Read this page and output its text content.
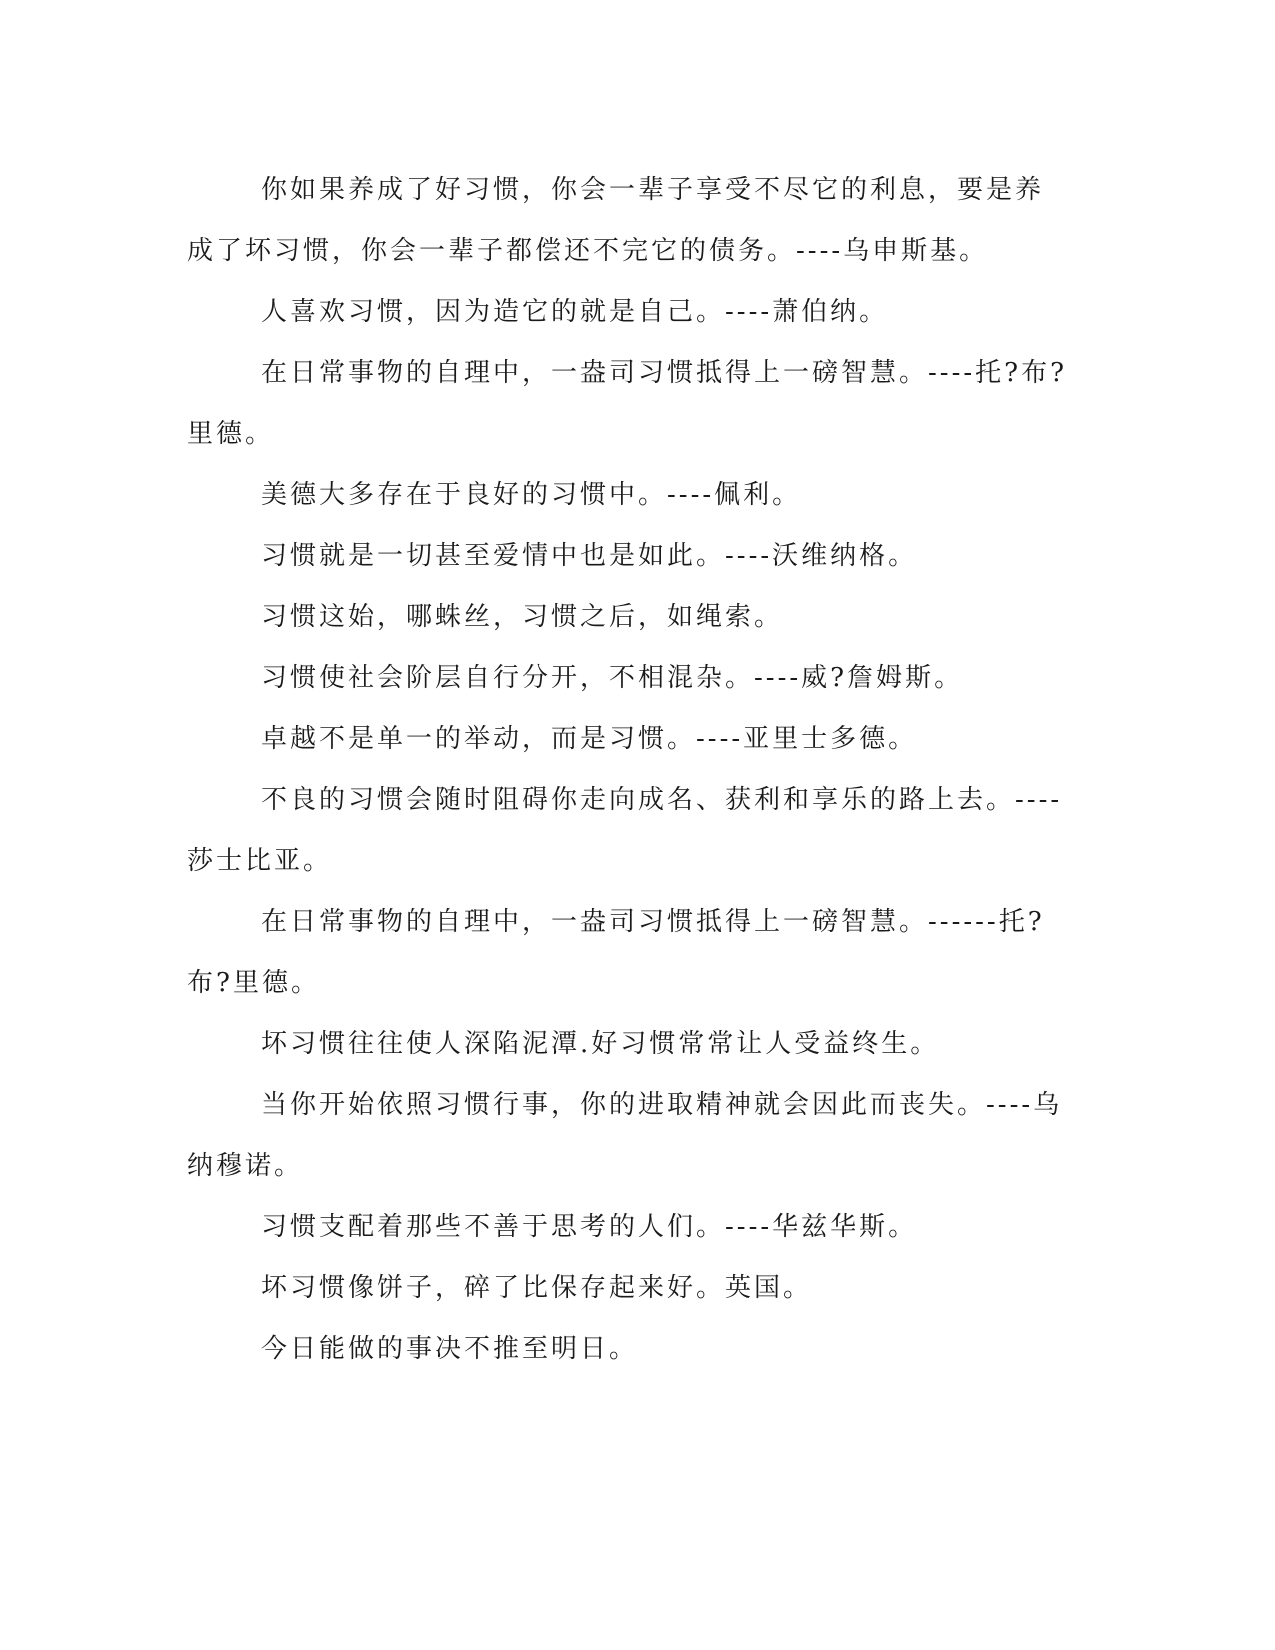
你如果养成了好习惯，你会一辈子享受不尽它的利息，要是养成了坏习惯，你会一辈子都偿还不完它的债务。----乌申斯基。

人喜欢习惯，因为造它的就是自己。----萧伯纳。

在日常事物的自理中，一盎司习惯抵得上一磅智慧。----托?布?里德。

美德大多存在于良好的习惯中。----佩利。

习惯就是一切甚至爱情中也是如此。----沃维纳格。

习惯这始，哪蛛丝，习惯之后，如绳索。

习惯使社会阶层自行分开，不相混杂。----威?詹姆斯。

卓越不是单一的举动，而是习惯。----亚里士多德。

不良的习惯会随时阻碍你走向成名、获利和享乐的路上去。----莎士比亚。

在日常事物的自理中，一盎司习惯抵得上一磅智慧。------托?布?里德。

坏习惯往往使人深陷泥潭.好习惯常常让人受益终生。

当你开始依照习惯行事，你的进取精神就会因此而丧失。----乌纳穆诺。

习惯支配着那些不善于思考的人们。----华兹华斯。

坏习惯像饼子，碎了比保存起来好。英国。

今日能做的事决不推至明日。
